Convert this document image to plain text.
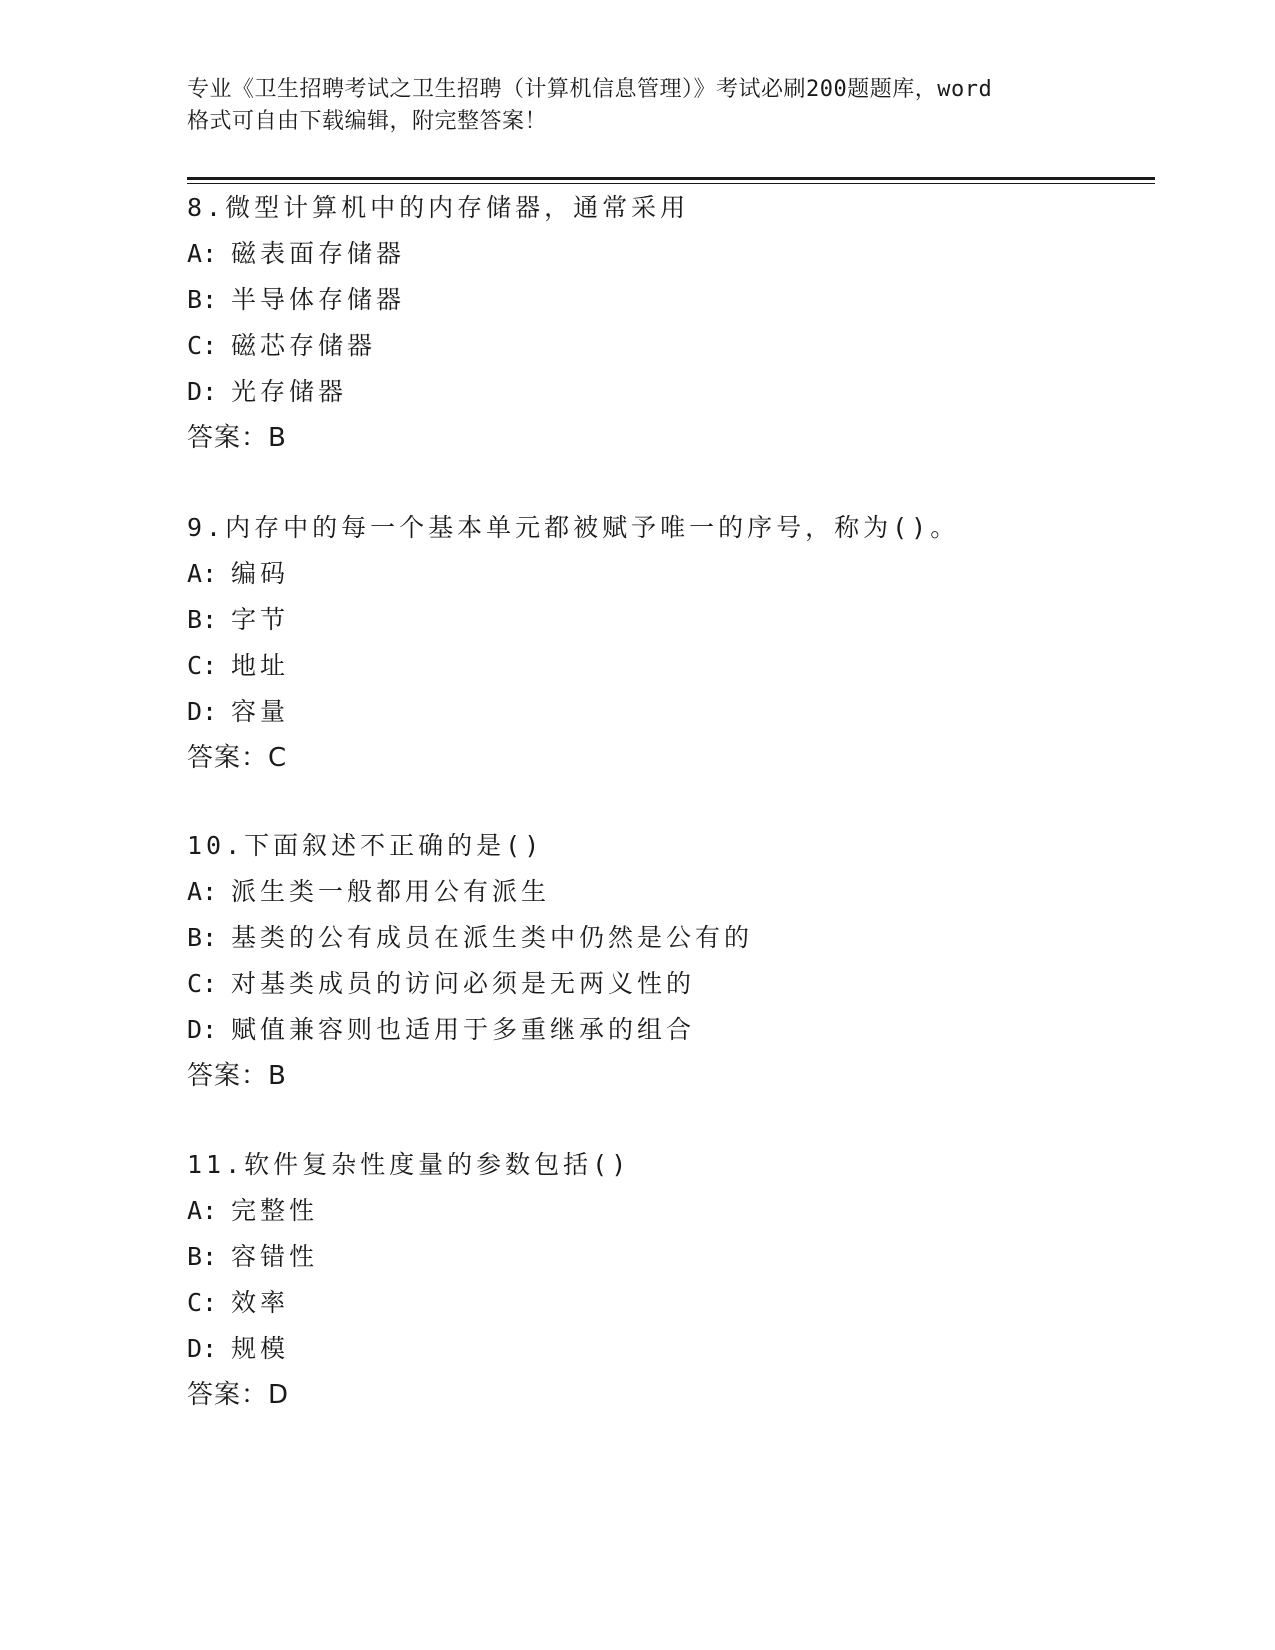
专业《卫生招聘考试之卫生招聘（计算机信息管理）》考试必刷200题题库，word
格式可自由下载编辑，附完整答案！
8.微型计算机中的内存储器，通常采用
A: 磁表面存储器
B: 半导体存储器
C: 磁芯存储器
D: 光存储器
答案：B
9.内存中的每一个基本单元都被赋予唯一的序号，称为()。
A: 编码
B: 字节
C: 地址
D: 容量
答案：C
10.下面叙述不正确的是()
A: 派生类一般都用公有派生
B: 基类的公有成员在派生类中仍然是公有的
C: 对基类成员的访问必须是无两义性的
D: 赋值兼容则也适用于多重继承的组合
答案：B
11.软件复杂性度量的参数包括()
A: 完整性
B: 容错性
C: 效率
D: 规模
答案：D
